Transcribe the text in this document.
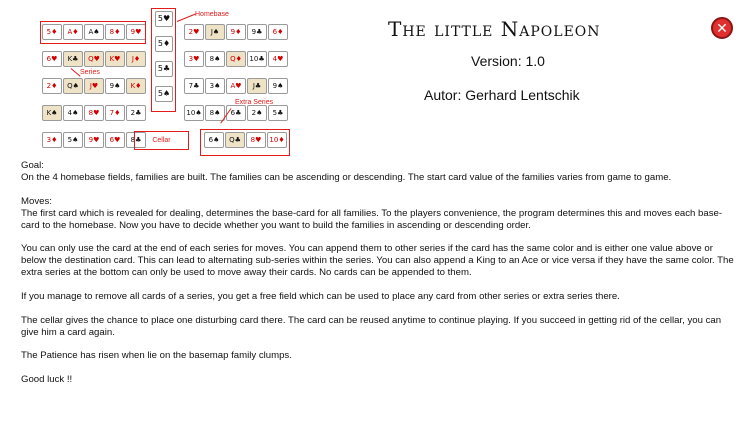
5♦	A♦	A♠	8♦	9♥
6♥	K♣	Q♥	K♥	J♦
2♦	Q♠	J♥	9♠	K♦
K♠	4♠	8♥	7♦	2♣
3♦	5♠	9♥	6♥	8♣
2♥	J♠	9♦	9♣	6♦
3♥	8♠	Q♦	10♣	4♥
7♣	3♠	A♥	J♣	9♠
10♠	8♠	6♣	2♠	5♣
6♠	Q♣	8♥	10♦
5♥
5♦
5♣
5♠
Homebase
Series
Extra Series
Cellar
The little Napoleon
Version: 1.0
Autor: Gerhard Lentschik
✕

Goal:
On the 4 homebase fields, families are built. The families can be ascending or descending. The start card value of the families varies from game to game.

Moves:
The first card which is revealed for dealing, determines the base-card for all families. To the players convenience, the program determines this and moves each base-card to the homebase. Now you have to decide whether you want to build the families in ascending or descending order.

You can only use the card at the end of each series for moves. You can append them to other series if the card has the same color and is either one value above or below the destination card. This can lead to alternating sub-series within the series. You can also append a King to an Ace or vice versa if they have the same color. The extra series at the bottom can only be used to move away their cards. No cards can be appended to them.

If you manage to remove all cards of a series, you get a free field which can be used to place any card from other series or extra series there.

The cellar gives the chance to place one disturbing card there. The card can be reused anytime to continue playing. If you succeed in getting rid of the cellar, you can give him a card again.

The Patience has risen when lie on the basemap family clumps.

Good luck !!
